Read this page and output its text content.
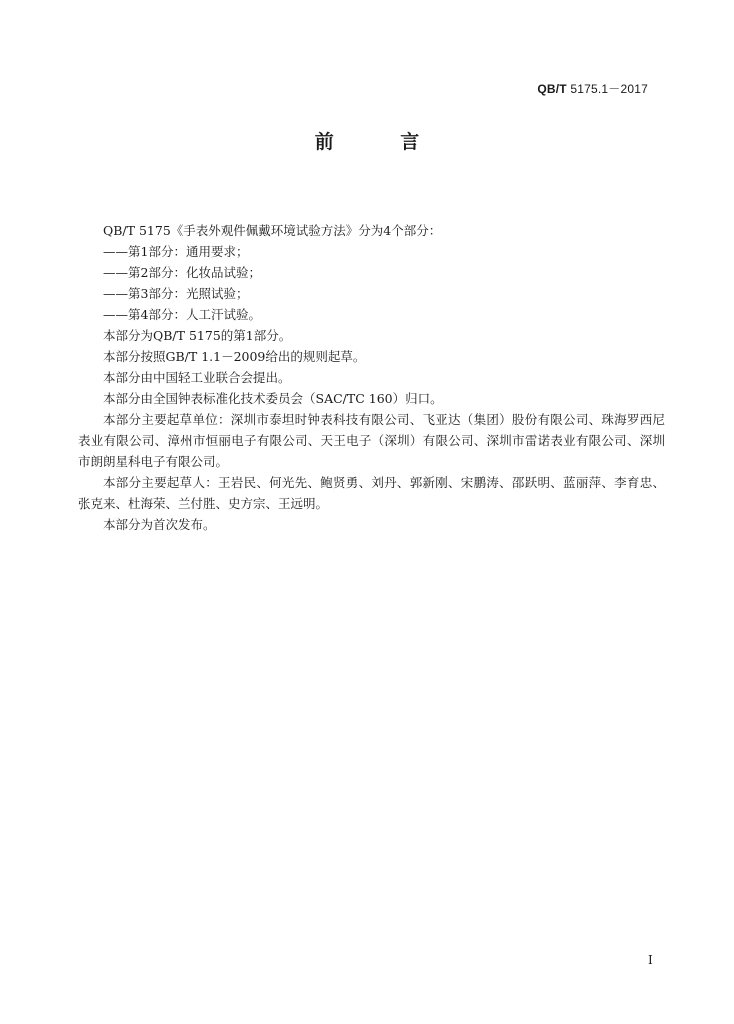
QB/T 5175.1－2017
前 言
QB/T 5175《手表外观件佩戴环境试验方法》分为4个部分：
——第1部分：通用要求；
——第2部分：化妆品试验；
——第3部分：光照试验；
——第4部分：人工汗试验。
本部分为QB/T 5175的第1部分。
本部分按照GB/T 1.1－2009给出的规则起草。
本部分由中国轻工业联合会提出。
本部分由全国钟表标准化技术委员会（SAC/TC 160）归口。
本部分主要起草单位：深圳市泰坦时钟表科技有限公司、飞亚达（集团）股份有限公司、珠海罗西尼表业有限公司、漳州市恒丽电子有限公司、天王电子（深圳）有限公司、深圳市雷诺表业有限公司、深圳市朗朗星科电子有限公司。
本部分主要起草人：王岩民、何光先、鲍贤勇、刘丹、郭新刚、宋鹏涛、邵跃明、蓝丽萍、李育忠、张克来、杜海荣、兰付胜、史方宗、王远明。
本部分为首次发布。
I
